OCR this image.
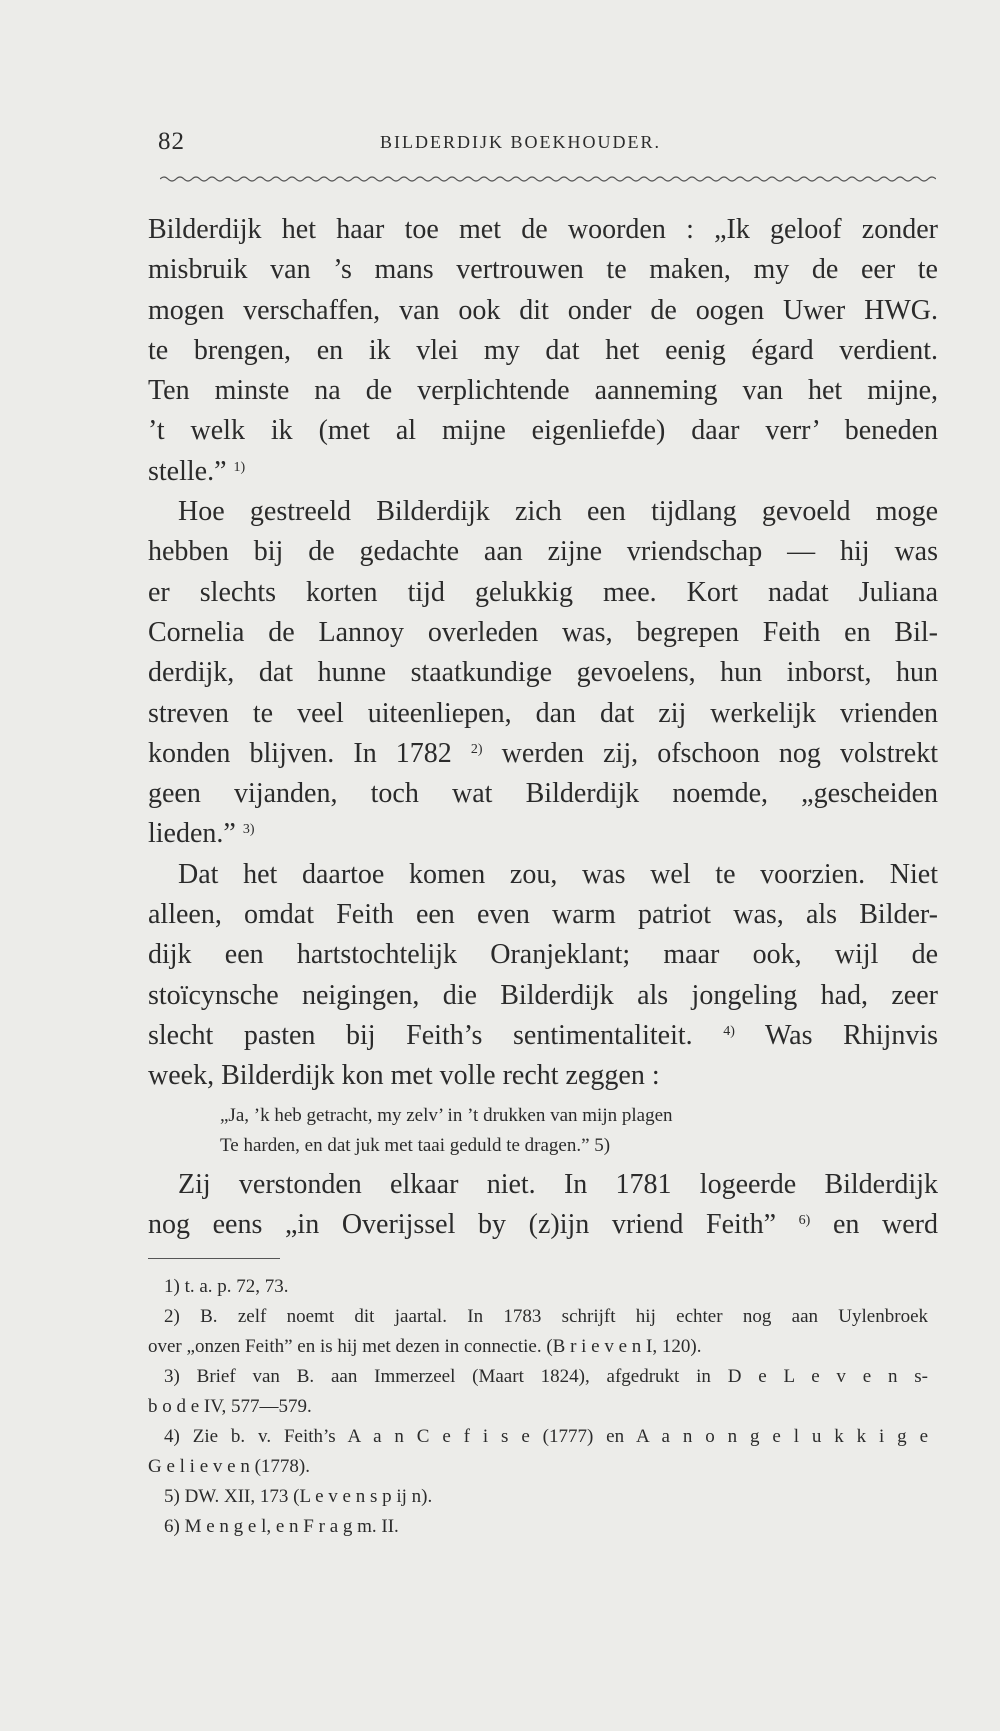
82	BILDERDIJK BOEKHOUDER.

Bilderdijk het haar toe met de woorden : „Ik geloof zonder
misbruik van ’s mans vertrouwen te maken, my de eer te
mogen verschaffen, van ook dit onder de oogen Uwer HWG.
te brengen, en ik vlei my dat het eenig égard verdient.
Ten minste na de verplichtende aanneming van het mijne,
’t welk ik (met al mijne eigenliefde) daar verr’ beneden
stelle.” $^{1)}$

Hoe gestreeld Bilderdijk zich een tijdlang gevoeld moge
hebben bij de gedachte aan zijne vriendschap — hij was
er slechts korten tijd gelukkig mee. Kort nadat Juliana
Cornelia de Lannoy overleden was, begrepen Feith en Bil-
derdijk, dat hunne staatkundige gevoelens, hun inborst, hun
streven te veel uiteenliepen, dan dat zij werkelijk vrienden
konden blijven. In 1782 $^{2)}$ werden zij, ofschoon nog volstrekt
geen vijanden, toch wat Bilderdijk noemde, „gescheiden
lieden.” $^{3)}$

Dat het daartoe komen zou, was wel te voorzien. Niet
alleen, omdat Feith een even warm patriot was, als Bilder-
dijk een hartstochtelijk Oranjeklant; maar ook, wijl de
stoïcynsche neigingen, die Bilderdijk als jongeling had, zeer
slecht pasten bij Feith’s sentimentaliteit. $^{4)}$ Was Rhijnvis
week, Bilderdijk kon met volle recht zeggen :

„Ja, ’k heb getracht, my zelv’ in ’t drukken van mijn plagen
Te harden, en dat juk met taai geduld te dragen.” 5)

Zij verstonden elkaar niet. In 1781 logeerde Bilderdijk
nog eens „in Overijssel by (z)ijn vriend Feith” $^{6)}$ en werd

1) t. a. p. 72, 73.

2) B. zelf noemt dit jaartal. In 1783 schrijft hij echter nog aan Uylenbroek
over „onzen Feith” en is hij met dezen in connectie. (B r i e v e n I, 120).

3) Brief van B. aan Immerzeel (Maart 1824), afgedrukt in D e L e v e n s-
b o d e IV, 577—579.

4) Zie b. v. Feith’s A a n C e f i s e (1777) en A a n o n g e l u k k i g e
G e l i e v e n (1778).

5) DW. XII, 173 (L e v e n s p ij n).

6) M e n g e l, e n F r a g m. II.
